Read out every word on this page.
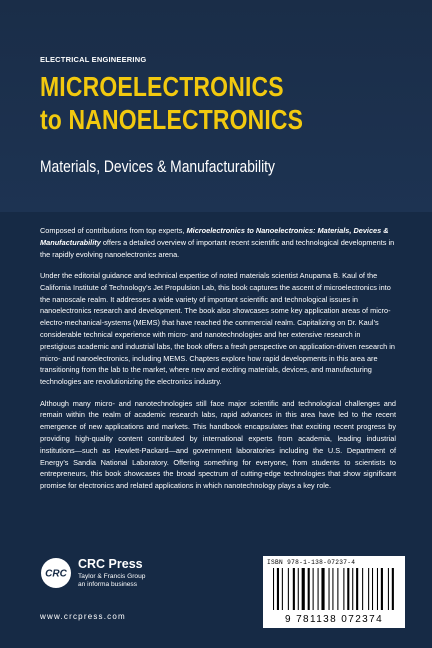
ELECTRICAL ENGINEERING
MICROELECTRONICS
to NANOELECTRONICS
Materials, Devices & Manufacturability

Composed of contributions from top experts, Microelectronics to Nanoelectronics: Materials, Devices & Manufacturability offers a detailed overview of important recent scientific and technological developments in the rapidly evolving nanoelectronics arena.

Under the editorial guidance and technical expertise of noted materials scientist Anupama B. Kaul of the California Institute of Technology’s Jet Propulsion Lab, this book captures the ascent of microelectronics into the nanoscale realm. It addresses a wide variety of important scientific and technological issues in nanoelectronics research and development. The book also showcases some key application areas of micro-electro-mechanical-systems (MEMS) that have reached the commercial realm. Capitalizing on Dr. Kaul’s considerable technical experience with micro- and nanotechnologies and her extensive research in prestigious academic and industrial labs, the book offers a fresh perspective on application-driven research in micro- and nanoelectronics, including MEMS. Chapters explore how rapid developments in this area are transitioning from the lab to the market, where new and exciting materials, devices, and manufacturing technologies are revolutionizing the electronics industry.

Although many micro- and nanotechnologies still face major scientific and technological challenges and remain within the realm of academic research labs, rapid advances in this area have led to the recent emergence of new applications and markets. This handbook encapsulates that exciting recent progress by providing high-quality content contributed by international experts from academia, leading industrial institutions—such as Hewlett-Packard—and government laboratories including the U.S. Department of Energy’s Sandia National Laboratory. Offering something for everyone, from students to scientists to entrepreneurs, this book showcases the broad spectrum of cutting-edge technologies that show significant promise for electronics and related applications in which nanotechnology plays a key role.

CRC
CRC Press
Taylor & Francis Group
an informa business
www.crcpress.com
ISBN 978-1-138-07237-4
9 781138 072374
